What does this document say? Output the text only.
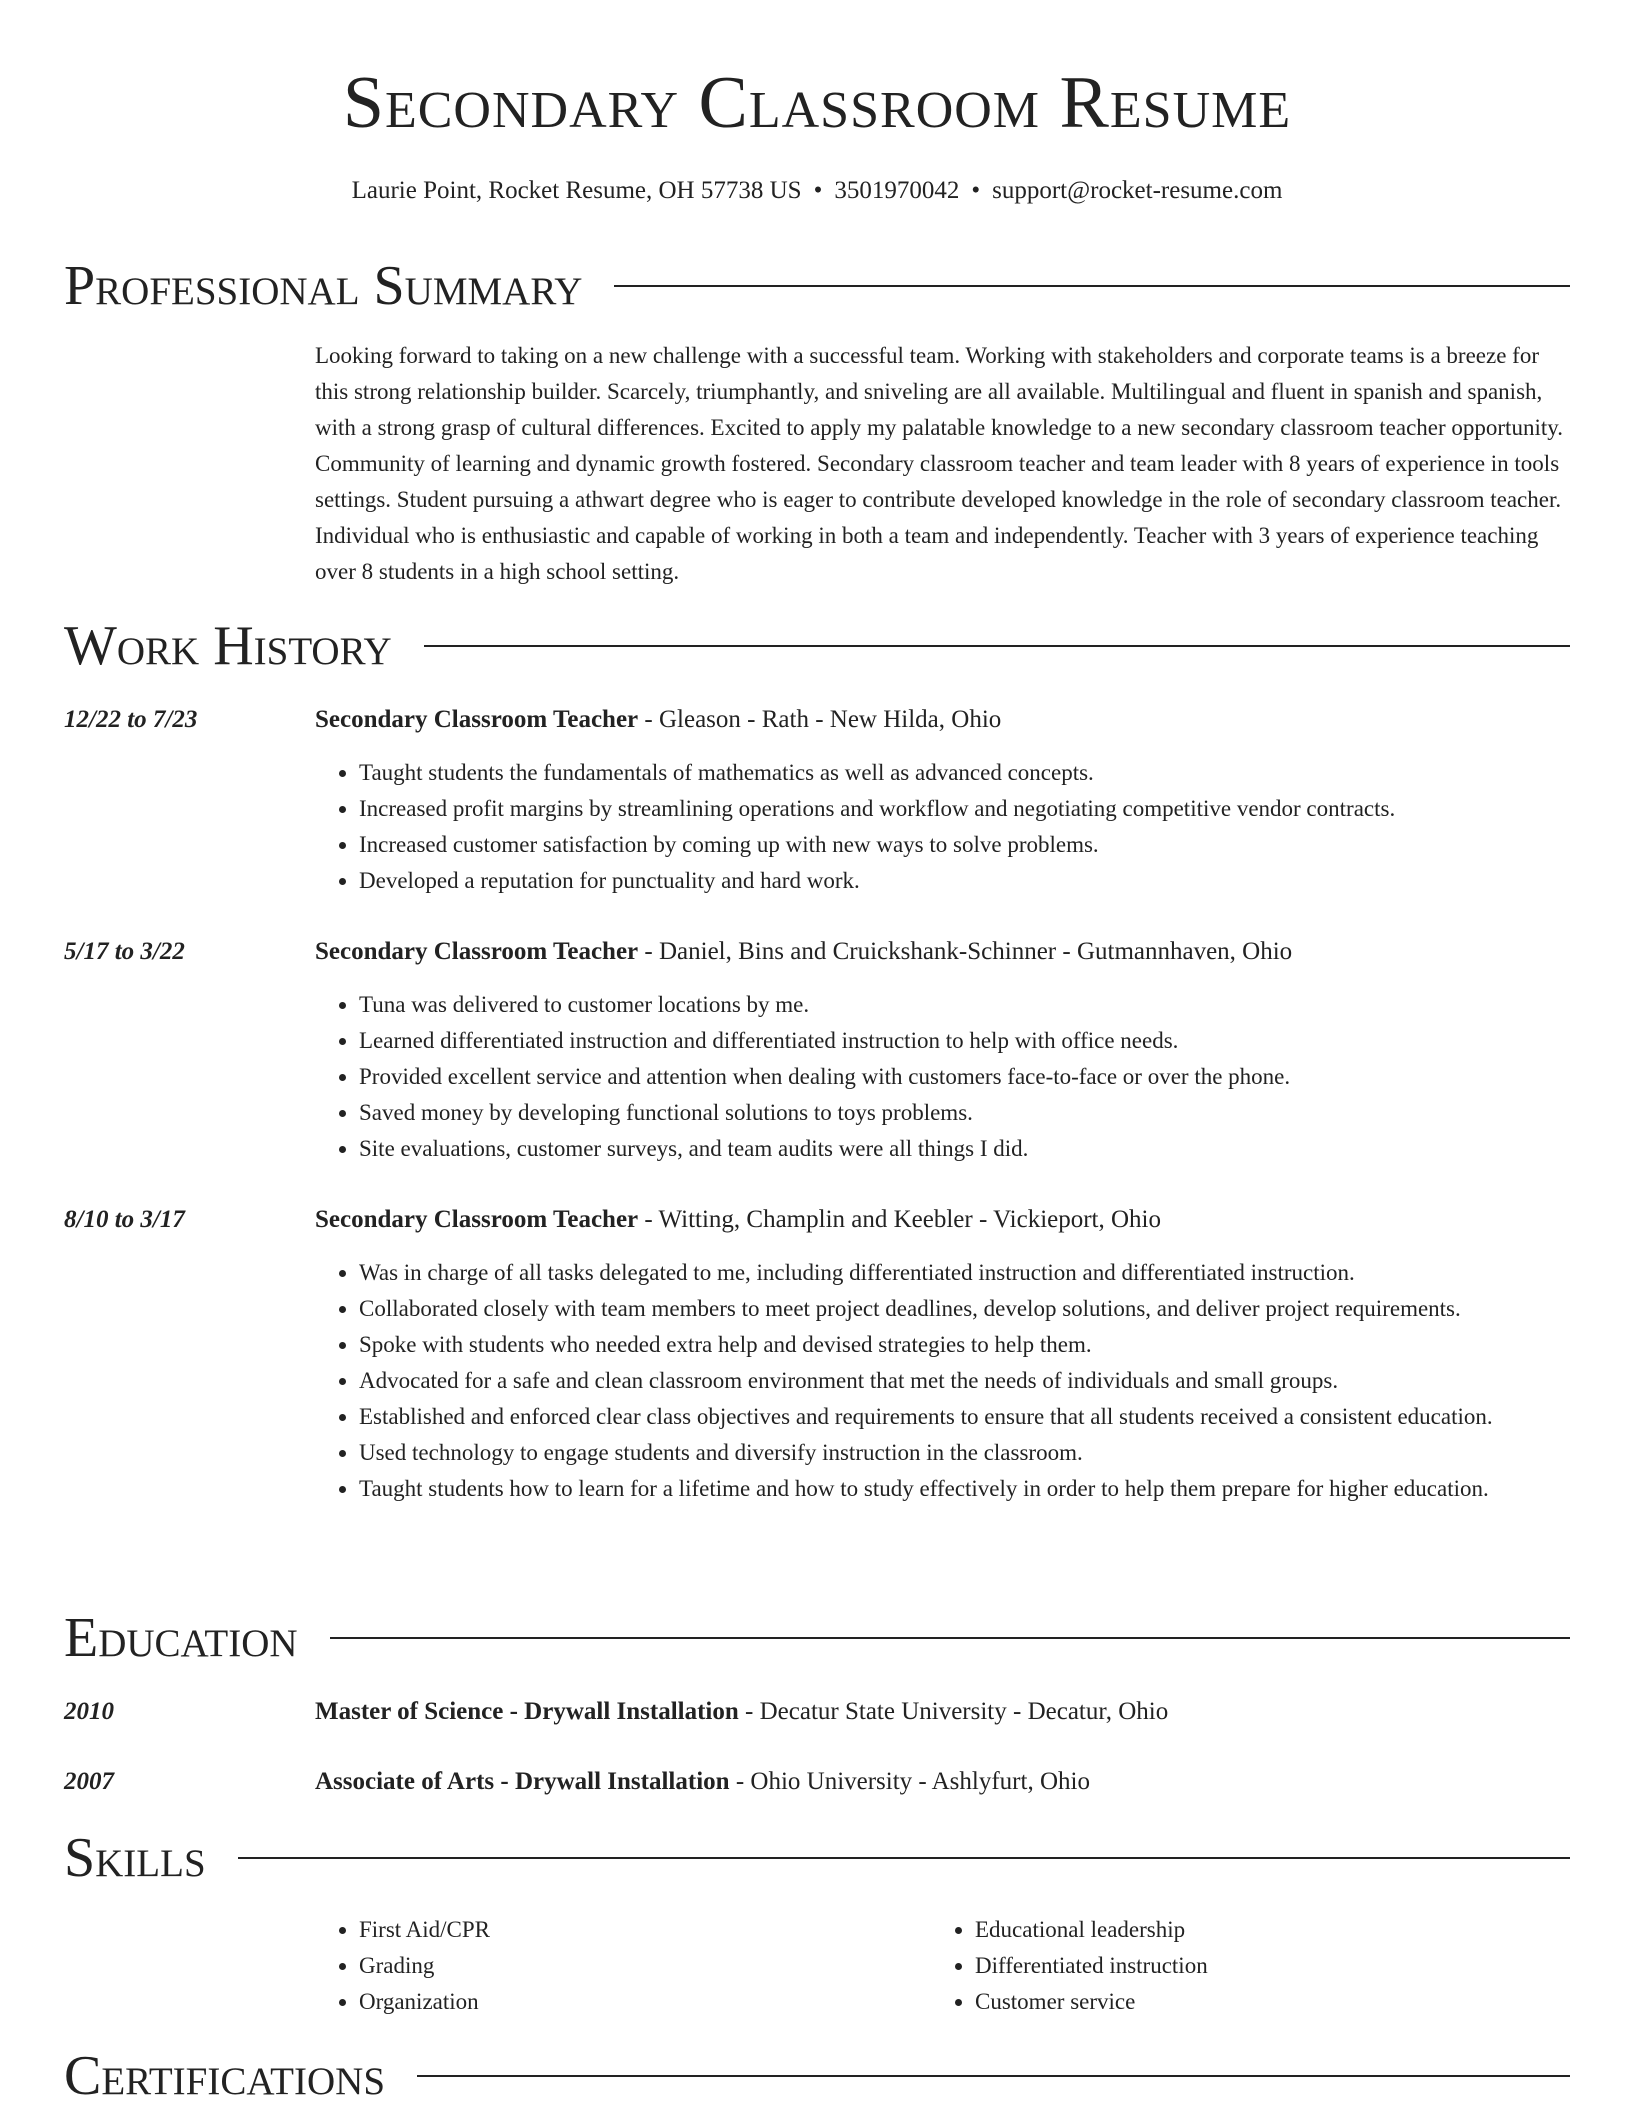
Secondary Classroom Resume
Laurie Point, Rocket Resume, OH 57738 US • 3501970042 • support@rocket-resume.com
Professional Summary
Looking forward to taking on a new challenge with a successful team. Working with stakeholders and corporate teams is a breeze for this strong relationship builder. Scarcely, triumphantly, and sniveling are all available. Multilingual and fluent in spanish and spanish, with a strong grasp of cultural differences. Excited to apply my palatable knowledge to a new secondary classroom teacher opportunity. Community of learning and dynamic growth fostered. Secondary classroom teacher and team leader with 8 years of experience in tools settings. Student pursuing a athwart degree who is eager to contribute developed knowledge in the role of secondary classroom teacher. Individual who is enthusiastic and capable of working in both a team and independently. Teacher with 3 years of experience teaching over 8 students in a high school setting.
Work History
12/22 to 7/23	Secondary Classroom Teacher - Gleason - Rath - New Hilda, Ohio
• Taught students the fundamentals of mathematics as well as advanced concepts.
• Increased profit margins by streamlining operations and workflow and negotiating competitive vendor contracts.
• Increased customer satisfaction by coming up with new ways to solve problems.
• Developed a reputation for punctuality and hard work.
5/17 to 3/22	Secondary Classroom Teacher - Daniel, Bins and Cruickshank-Schinner - Gutmannhaven, Ohio
• Tuna was delivered to customer locations by me.
• Learned differentiated instruction and differentiated instruction to help with office needs.
• Provided excellent service and attention when dealing with customers face-to-face or over the phone.
• Saved money by developing functional solutions to toys problems.
• Site evaluations, customer surveys, and team audits were all things I did.
8/10 to 3/17	Secondary Classroom Teacher - Witting, Champlin and Keebler - Vickieport, Ohio
• Was in charge of all tasks delegated to me, including differentiated instruction and differentiated instruction.
• Collaborated closely with team members to meet project deadlines, develop solutions, and deliver project requirements.
• Spoke with students who needed extra help and devised strategies to help them.
• Advocated for a safe and clean classroom environment that met the needs of individuals and small groups.
• Established and enforced clear class objectives and requirements to ensure that all students received a consistent education.
• Used technology to engage students and diversify instruction in the classroom.
• Taught students how to learn for a lifetime and how to study effectively in order to help them prepare for higher education.
Education
2010	Master of Science - Drywall Installation - Decatur State University - Decatur, Ohio
2007	Associate of Arts - Drywall Installation - Ohio University - Ashlyfurt, Ohio
Skills
• First Aid/CPR
• Grading
• Organization
• Educational leadership
• Differentiated instruction
• Customer service
Certifications
